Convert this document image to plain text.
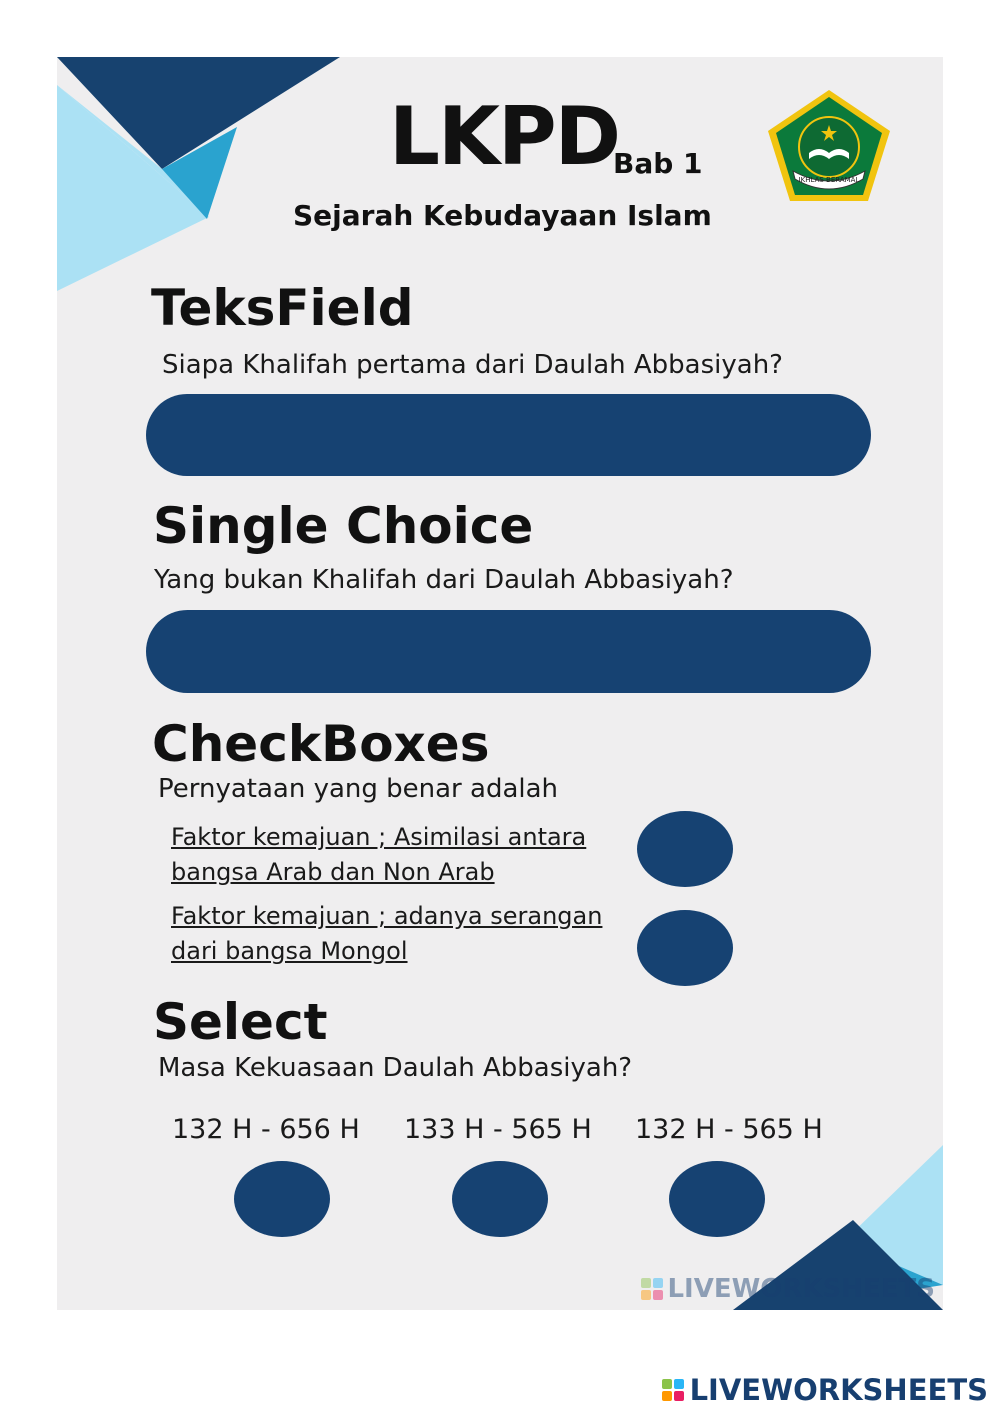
LKPD
Bab 1
Sejarah Kebudayaan Islam
IKHLAS BERAMAL
TeksField
Siapa Khalifah pertama dari Daulah Abbasiyah?
Single Choice
Yang bukan Khalifah dari Daulah Abbasiyah?
CheckBoxes
Pernyataan yang benar adalah
Faktor kemajuan ; Asimilasi antara
bangsa Arab dan Non Arab
Faktor kemajuan ; adanya serangan
dari bangsa Mongol
Select
Masa Kekuasaan Daulah Abbasiyah?
132 H - 656 H 133 H - 565 H 132 H - 565 H
LIVEWORKSHEETS
LIVEWORKSHEETS
